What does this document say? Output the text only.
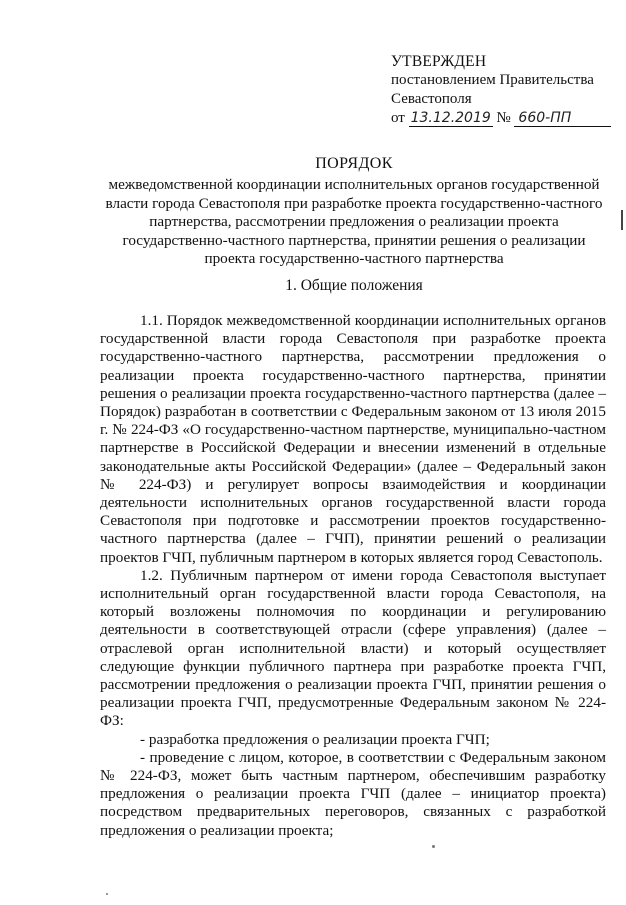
УТВЕРЖДЕН
постановлением Правительства
Севастополя
от
13.12.2019
№
660-ПП
ПОРЯДОК
межведомственной координации исполнительных органов государственной власти города Севастополя при разработке проекта государственно-частного партнерства, рассмотрении предложения о реализации проекта государственно-частного партнерства, принятии решения о реализации проекта государственно-частного партнерства
1. Общие положения

1.1. Порядок межведомственной координации исполнительных органов государственной власти города Севастополя при разработке проекта государственно-частного партнерства, рассмотрении предложения о реализации проекта государственно-частного партнерства, принятии решения о реализации проекта государственно-частного партнерства (далее – Порядок) разработан в соответствии с Федеральным законом от 13 июля 2015 г. № 224-ФЗ «О государственно-частном партнерстве, муниципально-частном партнерстве в Российской Федерации и внесении изменений в отдельные законодательные акты Российской Федерации» (далее – Федеральный закон № 224-ФЗ) и регулирует вопросы взаимодействия и координации деятельности исполнительных органов государственной власти города Севастополя при подготовке и рассмотрении проектов государственно-частного партнерства (далее – ГЧП), принятии решений о реализации проектов ГЧП, публичным партнером в которых является город Севастополь.

1.2. Публичным партнером от имени города Севастополя выступает исполнительный орган государственной власти города Севастополя, на который возложены полномочия по координации и регулированию деятельности в соответствующей отрасли (сфере управления) (далее – отраслевой орган исполнительной власти) и который осуществляет следующие функции публичного партнера при разработке проекта ГЧП, рассмотрении предложения о реализации проекта ГЧП, принятии решения о реализации проекта ГЧП, предусмотренные Федеральным законом № 224-ФЗ:

- разработка предложения о реализации проекта ГЧП;

- проведение с лицом, которое, в соответствии с Федеральным законом № 224-ФЗ, может быть частным партнером, обеспечившим разработку предложения о реализации проекта ГЧП (далее – инициатор проекта) посредством предварительных переговоров, связанных с разработкой предложения о реализации проекта;
